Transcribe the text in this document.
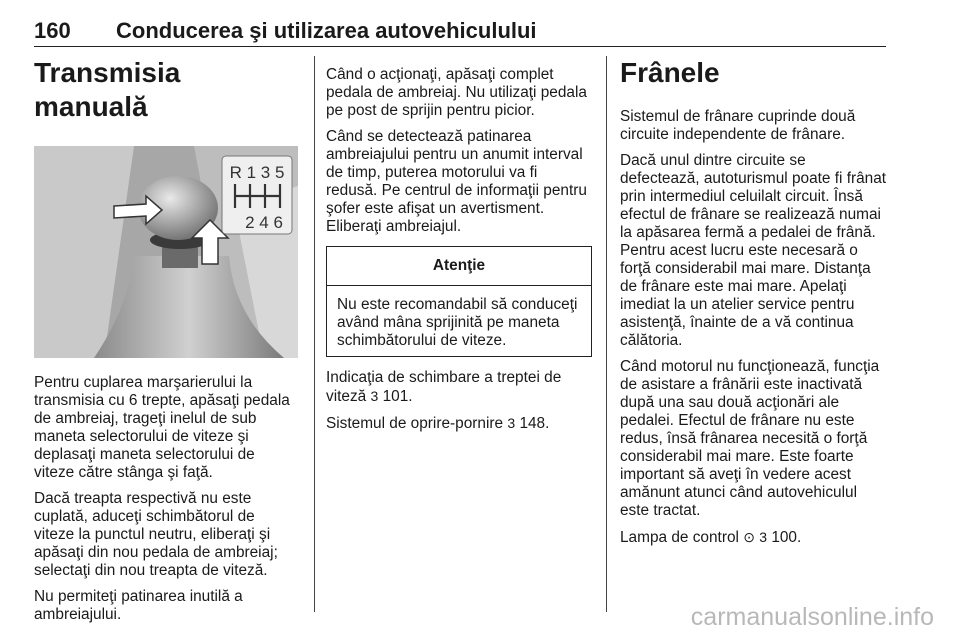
160 Conducerea şi utilizarea autovehiculului
Transmisia manuală
R 1 3 5
2 4 6

Pentru cuplarea marşarierului la transmisia cu 6 trepte, apăsaţi pedala de ambreiaj, trageţi inelul de sub maneta selectorului de viteze şi deplasaţi maneta selectorului de viteze către stânga şi faţă.

Dacă treapta respectivă nu este cuplată, aduceţi schimbătorul de viteze la punctul neutru, eliberaţi şi apăsaţi din nou pedala de ambreiaj; selectaţi din nou treapta de viteză.

Nu permiteţi patinarea inutilă a ambreiajului.

Când o acţionaţi, apăsaţi complet pedala de ambreiaj. Nu utilizaţi pedala pe post de sprijin pentru picior.

Când se detectează patinarea ambreiajului pentru un anumit interval de timp, puterea motorului va fi redusă. Pe centrul de informaţii pentru şofer este afişat un avertisment. Eliberaţi ambreiajul.

Atenţie

Nu este recomandabil să conduceţi având mâna sprijinită pe maneta schimbătorului de viteze.

Indicaţia de schimbare a treptei de viteză 3 101.

Sistemul de oprire-pornire 3 148.

Frânele

Sistemul de frânare cuprinde două circuite independente de frânare.

Dacă unul dintre circuite se defectează, autoturismul poate fi frânat prin intermediul celuilalt circuit. Însă efectul de frânare se realizează numai la apăsarea fermă a pedalei de frână. Pentru acest lucru este necesară o forţă considerabil mai mare. Distanţa de frânare este mai mare. Apelaţi imediat la un atelier service pentru asistenţă, înainte de a vă continua călătoria.

Când motorul nu funcţionează, funcţia de asistare a frânării este inactivată după una sau două acţionări ale pedalei. Efectul de frânare nu este redus, însă frânarea necesită o forţă considerabil mai mare. Este foarte important să aveţi în vedere acest amănunt atunci când autovehiculul este tractat.

Lampa de control ⊙ 3 100.

carmanualsonline.info
